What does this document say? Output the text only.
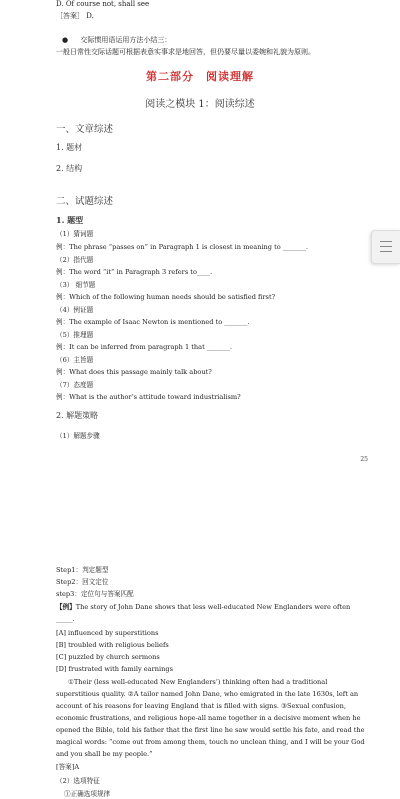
D. Of course not, shall see
［答案］ D.
● 交际惯用语运用方法小结三：
一般日常性交际话题可根据表意实事求是地回答，但仍要尽量以委婉和礼貌为原则。
第二部分　阅读理解
阅读之模块 1：阅读综述
一、文章综述
1. 题材
2. 结构
二、试题综述
1. 题型
（1）猜词题
例：The phrase “passes on” in Paragraph 1 is closest in meaning to _______.
（2）指代题
例：The word “it” in Paragraph 3 refers to____.
（3） 细节题
例：Which of the following human needs should be satisfied first?
（4）例证题
例：The example of Isaac Newton is mentioned to _______.
（5）推理题
例：It can be inferred from paragraph 1 that _______.
（6）主旨题
例：What does this passage mainly talk about?
（7）态度题
例：What is the author’s attitude toward industrialism?
2. 解题策略
（1）解题步骤
25
Step1：判定题型
Step2：回文定位
step3：定位句与答案匹配
【例】The story of John Dane shows that less well-educated New Englanders were often
_____.
[A] influenced by superstitions
[B] troubled with religious beliefs
[C] puzzled by church sermons
[D] frustrated with family earnings
①Their (less well-educated New Englanders’) thinking often had a traditional
superstitious quality. ②A tailor named John Dane, who emigrated in the late 1630s, left an
account of his reasons for leaving England that is filled with signs. ③Sexual confusion,
economic frustrations, and religious hope-all name together in a decisive moment when he
opened the Bible, told his father that the first line he saw would settle his fate, and read the
magical words: “come out from among them, touch no unclean thing, and I will be your God
and you shall be my people.”
[答案]A
（2）选项特征
①正确选项规律
